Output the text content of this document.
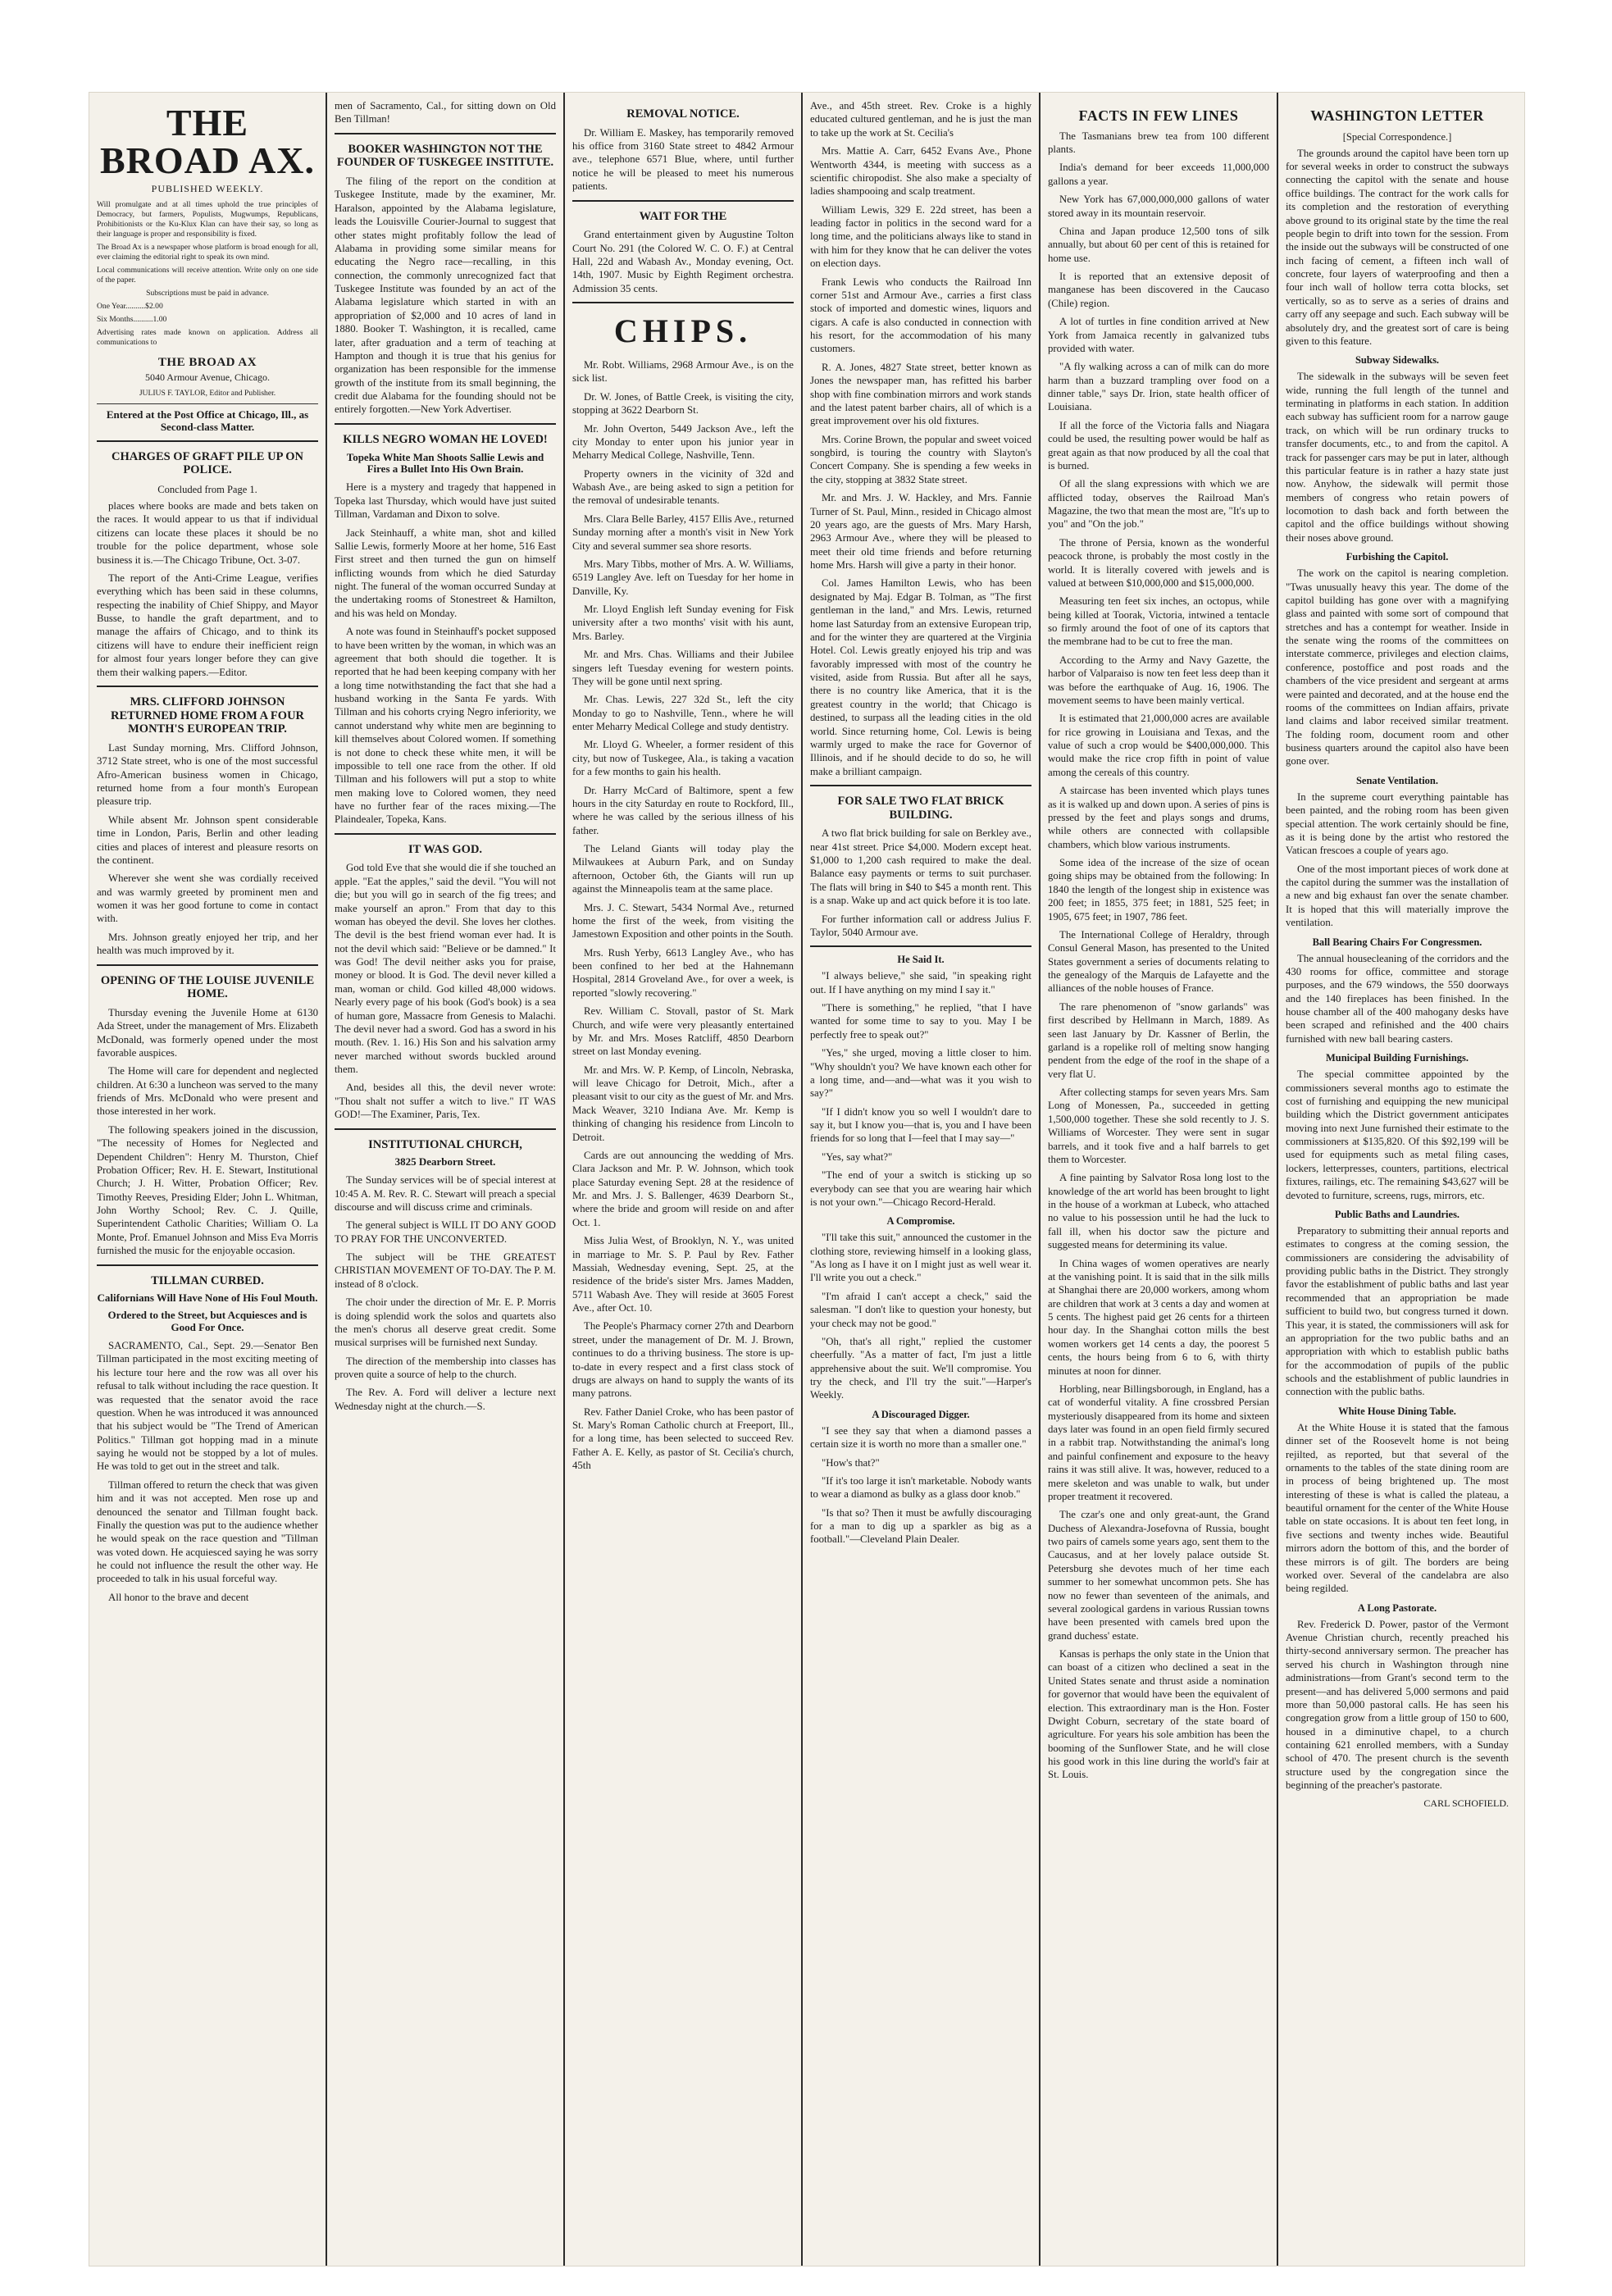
THE BROAD AX.
PUBLISHED WEEKLY.
Will promulgate and at all times uphold the true principles of Democracy, but farmers, Populists, Mugwumps, Republicans, Prohibitionists or the Ku-Klux Klan can have their say, so long as their language is proper and responsibility is fixed.
The Broad Ax is a newspaper whose platform is broad enough for all, ever claiming the editorial right to speak its own mind.
Local communications will receive attention. Write only on one side of the paper.
Subscriptions must be paid in advance.
One Year..........$2.00
Six Months..........1.00
Advertising rates made known on application. Address all communications to
THE BROAD AX
5040 Armour Avenue, Chicago.
JULIUS F. TAYLOR, Editor and Publisher.
Entered at the Post Office at Chicago, Ill., as Second-class Matter.
CHARGES OF GRAFT PILE UP ON POLICE.
Concluded from Page 1.

places where books are made and bets taken on the races. It would appear to us that if individual citizens can locate these places it should be no trouble for the police department, whose sole business it is.—The Chicago Tribune, Oct. 3-07.

The report of the Anti-Crime League, verifies everything which has been said in these columns, respecting the inability of Chief Shippy, and Mayor Busse, to handle the graft department, and to manage the affairs of Chicago, and to think its citizens will have to endure their inefficient reign for almost four years longer before they can give them their walking papers.—Editor.

MRS. CLIFFORD JOHNSON RETURNED HOME FROM A FOUR MONTH'S EUROPEAN TRIP.

Last Sunday morning, Mrs. Clifford Johnson, 3712 State street, who is one of the most successful Afro-American business women in Chicago, returned home from a four month's European pleasure trip.

While absent Mr. Johnson spent considerable time in London, Paris, Berlin and other leading cities and places of interest and pleasure resorts on the continent.

Wherever she went she was cordially received and was warmly greeted by prominent men and women it was her good fortune to come in contact with.

Mrs. Johnson greatly enjoyed her trip, and her health was much improved by it.

OPENING OF THE LOUISE JUVENILE HOME.

Thursday evening the Juvenile Home at 6130 Ada Street, under the management of Mrs. Elizabeth McDonald, was formerly opened under the most favorable auspices.

The Home will care for dependent and neglected children. At 6:30 a luncheon was served to the many friends of Mrs. McDonald who were present and those interested in her work.

The following speakers joined in the discussion, "The necessity of Homes for Neglected and Dependent Children": Henry M. Thurston, Chief Probation Officer; Rev. H. E. Stewart, Institutional Church; J. H. Witter, Probation Officer; Rev. Timothy Reeves, Presiding Elder; John L. Whitman, John Worthy School; Rev. C. J. Quille, Superintendent Catholic Charities; William O. La Monte, Prof. Emanuel Johnson and Miss Eva Morris furnished the music for the enjoyable occasion.

TILLMAN CURBED.
Californians Will Have None of His Foul Mouth.
Ordered to the Street, but Acquiesces and is Good For Once.

SACRAMENTO, Cal., Sept. 29.—Senator Ben Tillman participated in the most exciting meeting of his lecture tour here and the row was all over his refusal to talk without including the race question. It was requested that the senator avoid the race question. When he was introduced it was announced that his subject would be "The Trend of American Politics." Tillman got hopping mad in a minute saying he would not be stopped by a lot of mules. He was told to get out in the street and talk.

Tillman offered to return the check that was given him and it was not accepted. Men rose up and denounced the senator and Tillman fought back. Finally the question was put to the audience whether he would speak on the race question and "Tillman was voted down. He acquiesced saying he was sorry he could not influence the result the other way. He proceeded to talk in his usual forceful way.

All honor to the brave and decent

men of Sacramento, Cal., for sitting down on Old Ben Tillman!

BOOKER WASHINGTON NOT THE FOUNDER OF TUSKEGEE INSTITUTE.

The filing of the report on the condition at Tuskegee Institute, made by the examiner, Mr. Haralson, appointed by the Alabama legislature, leads the Louisville Courier-Journal to suggest that other states might profitably follow the lead of Alabama in providing some similar means for educating the Negro race—recalling, in this connection, the commonly unrecognized fact that Tuskegee Institute was founded by an act of the Alabama legislature which started in with an appropriation of $2,000 and 10 acres of land in 1880. Booker T. Washington, it is recalled, came later, after graduation and a term of teaching at Hampton and though it is true that his genius for organization has been responsible for the immense growth of the institute from its small beginning, the credit due Alabama for the founding should not be entirely forgotten.—New York Advertiser.

KILLS NEGRO WOMAN HE LOVED!
Topeka White Man Shoots Sallie Lewis and Fires a Bullet Into His Own Brain.

Here is a mystery and tragedy that happened in Topeka last Thursday, which would have just suited Tillman, Vardaman and Dixon to solve.

Jack Steinhauff, a white man, shot and killed Sallie Lewis, formerly Moore at her home, 516 East First street and then turned the gun on himself inflicting wounds from which he died Saturday night. The funeral of the woman occurred Sunday at the undertaking rooms of Stonestreet & Hamilton, and his was held on Monday.

A note was found in Steinhauff's pocket supposed to have been written by the woman, in which was an agreement that both should die together. It is reported that he had been keeping company with her a long time notwithstanding the fact that she had a husband working in the Santa Fe yards. With Tillman and his cohorts crying Negro inferiority, we cannot understand why white men are beginning to kill themselves about Colored women. If something is not done to check these white men, it will be impossible to tell one race from the other. If old Tillman and his followers will put a stop to white men making love to Colored women, they need have no further fear of the races mixing.—The Plaindealer, Topeka, Kans.

IT WAS GOD.

God told Eve that she would die if she touched an apple. "Eat the apples," said the devil. "You will not die; but you will go in search of the fig trees; and make yourself an apron." From that day to this woman has obeyed the devil. She loves her clothes. The devil is the best friend woman ever had. It is not the devil which said: "Believe or be damned." It was God! The devil neither asks you for praise, money or blood. It is God. The devil never killed a man, woman or child. God killed 48,000 widows. Nearly every page of his book (God's book) is a sea of human gore, Massacre from Genesis to Malachi. The devil never had a sword. God has a sword in his mouth. (Rev. 1. 16.) His Son and his salvation army never marched without swords buckled around them.

And, besides all this, the devil never wrote: "Thou shalt not suffer a witch to live." IT WAS GOD!—The Examiner, Paris, Tex.

INSTITUTIONAL CHURCH,
3825 Dearborn Street.

The Sunday services will be of special interest at 10:45 A. M. Rev. R. C. Stewart will preach a special discourse and will discuss crime and criminals.

The general subject is WILL IT DO ANY GOOD TO PRAY FOR THE UNCONVERTED.

The subject will be THE GREATEST CHRISTIAN MOVEMENT OF TO-DAY. The P. M. instead of 8 o'clock.

The choir under the direction of Mr. E. P. Morris is doing splendid work the solos and quartets also the men's chorus all deserve great credit. Some musical surprises will be furnished next Sunday.

The direction of the membership into classes has proven quite a source of help to the church.

The Rev. A. Ford will deliver a lecture next Wednesday night at the church.—S.

REMOVAL NOTICE.

Dr. William E. Maskey, has temporarily removed his office from 3160 State street to 4842 Armour ave., telephone 6571 Blue, where, until further notice he will be pleased to meet his numerous patients.

WAIT FOR THE

Grand entertainment given by Augustine Tolton Court No. 291 (the Colored W. C. O. F.) at Central Hall, 22d and Wabash Av., Monday evening, Oct. 14th, 1907. Music by Eighth Regiment orchestra. Admission 35 cents.

CHIPS.

Mr. Robt. Williams, 2968 Armour Ave., is on the sick list.

Dr. W. Jones, of Battle Creek, is visiting the city, stopping at 3622 Dearborn St.

Mr. John Overton, 5449 Jackson Ave., left the city Monday to enter upon his junior year in Meharry Medical College, Nashville, Tenn.

Property owners in the vicinity of 32d and Wabash Ave., are being asked to sign a petition for the removal of undesirable tenants.

Mrs. Clara Belle Barley, 4157 Ellis Ave., returned Sunday morning after a month's visit in New York City and several summer sea shore resorts.

Mrs. Mary Tibbs, mother of Mrs. A. W. Williams, 6519 Langley Ave. left on Tuesday for her home in Danville, Ky.

Mr. Lloyd English left Sunday evening for Fisk university after a two months' visit with his aunt, Mrs. Barley.

Mr. and Mrs. Chas. Williams and their Jubilee singers left Tuesday evening for western points. They will be gone until next spring.

Mr. Chas. Lewis, 227 32d St., left the city Monday to go to Nashville, Tenn., where he will enter Meharry Medical College and study dentistry.

Mr. Lloyd G. Wheeler, a former resident of this city, but now of Tuskegee, Ala., is taking a vacation for a few months to gain his health.

Dr. Harry McCard of Baltimore, spent a few hours in the city Saturday en route to Rockford, Ill., where he was called by the serious illness of his father.

The Leland Giants will today play the Milwaukees at Auburn Park, and on Sunday afternoon, October 6th, the Giants will run up against the Minneapolis team at the same place.

Mrs. J. C. Stewart, 5434 Normal Ave., returned home the first of the week, from visiting the Jamestown Exposition and other points in the South.

Mrs. Rush Yerby, 6613 Langley Ave., who has been confined to her bed at the Hahnemann Hospital, 2814 Groveland Ave., for over a week, is reported "slowly recovering."

Rev. William C. Stovall, pastor of St. Mark Church, and wife were very pleasantly entertained by Mr. and Mrs. Moses Ratcliff, 4850 Dearborn street on last Monday evening.

Mr. and Mrs. W. P. Kemp, of Lincoln, Nebraska, will leave Chicago for Detroit, Mich., after a pleasant visit to our city as the guest of Mr. and Mrs. Mack Weaver, 3210 Indiana Ave. Mr. Kemp is thinking of changing his residence from Lincoln to Detroit.

Cards are out announcing the wedding of Mrs. Clara Jackson and Mr. P. W. Johnson, which took place Saturday evening Sept. 28 at the residence of Mr. and Mrs. J. S. Ballenger, 4639 Dearborn St., where the bride and groom will reside on and after Oct. 1.

Miss Julia West, of Brooklyn, N. Y., was united in marriage to Mr. S. P. Paul by Rev. Father Massiah, Wednesday evening, Sept. 25, at the residence of the bride's sister Mrs. James Madden, 5711 Wabash Ave. They will reside at 3605 Forest Ave., after Oct. 10.

The People's Pharmacy corner 27th and Dearborn street, under the management of Dr. M. J. Brown, continues to do a thriving business. The store is up-to-date in every respect and a first class stock of drugs are always on hand to supply the wants of its many patrons.

Rev. Father Daniel Croke, who has been pastor of St. Mary's Roman Catholic church at Freeport, Ill., for a long time, has been selected to succeed Rev. Father A. E. Kelly, as pastor of St. Cecilia's church, 45th

Ave., and 45th street. Rev. Croke is a highly educated cultured gentleman, and he is just the man to take up the work at St. Cecilia's

Mrs. Mattie A. Carr, 6452 Evans Ave., Phone Wentworth 4344, is meeting with success as a scientific chiropodist. She also make a specialty of ladies shampooing and scalp treatment.

William Lewis, 329 E. 22d street, has been a leading factor in politics in the second ward for a long time, and the politicians always like to stand in with him for they know that he can deliver the votes on election days.

Frank Lewis who conducts the Railroad Inn corner 51st and Armour Ave., carries a first class stock of imported and domestic wines, liquors and cigars. A cafe is also conducted in connection with his resort, for the accommodation of his many customers.

R. A. Jones, 4827 State street, better known as Jones the newspaper man, has refitted his barber shop with fine combination mirrors and work stands and the latest patent barber chairs, all of which is a great improvement over his old fixtures.

Mrs. Corine Brown, the popular and sweet voiced songbird, is touring the country with Slayton's Concert Company. She is spending a few weeks in the city, stopping at 3832 State street.

Mr. and Mrs. J. W. Hackley, and Mrs. Fannie Turner of St. Paul, Minn., resided in Chicago almost 20 years ago, are the guests of Mrs. Mary Harsh, 2963 Armour Ave., where they will be pleased to meet their old time friends and before returning home Mrs. Harsh will give a party in their honor.

Col. James Hamilton Lewis, who has been designated by Maj. Edgar B. Tolman, as "The first gentleman in the land," and Mrs. Lewis, returned home last Saturday from an extensive European trip, and for the winter they are quartered at the Virginia Hotel. Col. Lewis greatly enjoyed his trip and was favorably impressed with most of the country he visited, aside from Russia. But after all he says, there is no country like America, that it is the greatest country in the world; that Chicago is destined, to surpass all the leading cities in the old world. Since returning home, Col. Lewis is being warmly urged to make the race for Governor of Illinois, and if he should decide to do so, he will make a brilliant campaign.

FOR SALE TWO FLAT BRICK BUILDING.

A two flat brick building for sale on Berkley ave., near 41st street. Price $4,000. Modern except heat. $1,000 to 1,200 cash required to make the deal. Balance easy payments or terms to suit purchaser. The flats will bring in $40 to $45 a month rent. This is a snap. Wake up and act quick before it is too late.

For further information call or address Julius F. Taylor, 5040 Armour ave.

He Said It.

"I always believe," she said, "in speaking right out. If I have anything on my mind I say it."

"There is something," he replied, "that I have wanted for some time to say to you. May I be perfectly free to speak out?"

"Yes," she urged, moving a little closer to him. "Why shouldn't you? We have known each other for a long time, and—and—what was it you wish to say?"

"If I didn't know you so well I wouldn't dare to say it, but I know you—that is, you and I have been friends for so long that I—feel that I may say—"

"Yes, say what?"

"The end of your a switch is sticking up so everybody can see that you are wearing hair which is not your own."—Chicago Record-Herald.

A Compromise.

"I'll take this suit," announced the customer in the clothing store, reviewing himself in a looking glass, "As long as I have it on I might just as well wear it. I'll write you out a check."

"I'm afraid I can't accept a check," said the salesman. "I don't like to question your honesty, but your check may not be good."

"Oh, that's all right," replied the customer cheerfully. "As a matter of fact, I'm just a little apprehensive about the suit. We'll compromise. You try the check, and I'll try the suit."—Harper's Weekly.

A Discouraged Digger.

"I see they say that when a diamond passes a certain size it is worth no more than a smaller one."

"How's that?"

"If it's too large it isn't marketable. Nobody wants to wear a diamond as bulky as a glass door knob."

"Is that so? Then it must be awfully discouraging for a man to dig up a sparkler as big as a football."—Cleveland Plain Dealer.

FACTS IN FEW LINES

The Tasmanians brew tea from 100 different plants.

India's demand for beer exceeds 11,000,000 gallons a year.

New York has 67,000,000,000 gallons of water stored away in its mountain reservoir.

China and Japan produce 12,500 tons of silk annually, but about 60 per cent of this is retained for home use.

It is reported that an extensive deposit of manganese has been discovered in the Caucaso (Chile) region.

A lot of turtles in fine condition arrived at New York from Jamaica recently in galvanized tubs provided with water.

"A fly walking across a can of milk can do more harm than a buzzard trampling over food on a dinner table," says Dr. Irion, state health officer of Louisiana.

If all the force of the Victoria falls and Niagara could be used, the resulting power would be half as great again as that now produced by all the coal that is burned.

Of all the slang expressions with which we are afflicted today, observes the Railroad Man's Magazine, the two that mean the most are, "It's up to you" and "On the job."

The throne of Persia, known as the wonderful peacock throne, is probably the most costly in the world. It is literally covered with jewels and is valued at between $10,000,000 and $15,000,000.

Measuring ten feet six inches, an octopus, while being killed at Toorak, Victoria, intwined a tentacle so firmly around the foot of one of its captors that the membrane had to be cut to free the man.

According to the Army and Navy Gazette, the harbor of Valparaiso is now ten feet less deep than it was before the earthquake of Aug. 16, 1906. The movement seems to have been mainly vertical.

It is estimated that 21,000,000 acres are available for rice growing in Louisiana and Texas, and the value of such a crop would be $400,000,000. This would make the rice crop fifth in point of value among the cereals of this country.

A staircase has been invented which plays tunes as it is walked up and down upon. A series of pins is pressed by the feet and plays songs and drums, while others are connected with collapsible chambers, which blow various instruments.

Some idea of the increase of the size of ocean going ships may be obtained from the following: In 1840 the length of the longest ship in existence was 200 feet; in 1855, 375 feet; in 1881, 525 feet; in 1905, 675 feet; in 1907, 786 feet.

The International College of Heraldry, through Consul General Mason, has presented to the United States government a series of documents relating to the genealogy of the Marquis de Lafayette and the alliances of the noble houses of France.

The rare phenomenon of "snow garlands" was first described by Hellmann in March, 1889. As seen last January by Dr. Kassner of Berlin, the garland is a ropelike roll of melting snow hanging pendent from the edge of the roof in the shape of a very flat U.

After collecting stamps for seven years Mrs. Sam Long of Monessen, Pa., succeeded in getting 1,500,000 together. These she sold recently to J. S. Williams of Worcester. They were sent in sugar barrels, and it took five and a half barrels to get them to Worcester.

A fine painting by Salvator Rosa long lost to the knowledge of the art world has been brought to light in the house of a workman at Lubeck, who attached no value to his possession until he had the luck to fall ill, when his doctor saw the picture and suggested means for determining its value.

In China wages of women operatives are nearly at the vanishing point. It is said that in the silk mills at Shanghai there are 20,000 workers, among whom are children that work at 3 cents a day and women at 5 cents. The highest paid get 26 cents for a thirteen hour day. In the Shanghai cotton mills the best women workers get 14 cents a day, the poorest 5 cents, the hours being from 6 to 6, with thirty minutes at noon for dinner.

Horbling, near Billingsborough, in England, has a cat of wonderful vitality. A fine crossbred Persian mysteriously disappeared from its home and sixteen days later was found in an open field firmly secured in a rabbit trap. Notwithstanding the animal's long and painful confinement and exposure to the heavy rains it was still alive. It was, however, reduced to a mere skeleton and was unable to walk, but under proper treatment it recovered.

The czar's one and only great-aunt, the Grand Duchess of Alexandra-Josefovna of Russia, bought two pairs of camels some years ago, sent them to the Caucasus, and at her lovely palace outside St. Petersburg she devotes much of her time each summer to her somewhat uncommon pets. She has now no fewer than seventeen of the animals, and several zoological gardens in various Russian towns have been presented with camels bred upon the grand duchess' estate.

Kansas is perhaps the only state in the Union that can boast of a citizen who declined a seat in the United States senate and thrust aside a nomination for governor that would have been the equivalent of election. This extraordinary man is the Hon. Foster Dwight Coburn, secretary of the state board of agriculture. For years his sole ambition has been the booming of the Sunflower State, and he will close his good work in this line during the world's fair at St. Louis.

WASHINGTON LETTER
[Special Correspondence.]

The grounds around the capitol have been torn up for several weeks in order to construct the subways connecting the capitol with the senate and house office buildings. The contract for the work calls for its completion and the restoration of everything above ground to its original state by the time the real people begin to drift into town for the session. From the inside out the subways will be constructed of one inch facing of cement, a fifteen inch wall of concrete, four layers of waterproofing and then a four inch wall of hollow terra cotta blocks, set vertically, so as to serve as a series of drains and carry off any seepage and such. Each subway will be absolutely dry, and the greatest sort of care is being given to this feature.

Subway Sidewalks.

The sidewalk in the subways will be seven feet wide, running the full length of the tunnel and terminating in platforms in each station. In addition each subway has sufficient room for a narrow gauge track, on which will be run ordinary trucks to transfer documents, etc., to and from the capitol. A track for passenger cars may be put in later, although this particular feature is in rather a hazy state just now. Anyhow, the sidewalk will permit those members of congress who retain powers of locomotion to dash back and forth between the capitol and the office buildings without showing their noses above ground.

Furbishing the Capitol.

The work on the capitol is nearing completion. "Twas unusually heavy this year. The dome of the capitol building has gone over with a magnifying glass and painted with some sort of compound that stretches and has a contempt for weather. Inside in the senate wing the rooms of the committees on interstate commerce, privileges and election claims, conference, postoffice and post roads and the chambers of the vice president and sergeant at arms were painted and decorated, and at the house end the rooms of the committees on Indian affairs, private land claims and labor received similar treatment. The folding room, document room and other business quarters around the capitol also have been gone over.

Senate Ventilation.

In the supreme court everything paintable has been painted, and the robing room has been given special attention. The work certainly should be fine, as it is being done by the artist who restored the Vatican frescoes a couple of years ago.

One of the most important pieces of work done at the capitol during the summer was the installation of a new and big exhaust fan over the senate chamber. It is hoped that this will materially improve the ventilation.

Ball Bearing Chairs For Congressmen.

The annual housecleaning of the corridors and the 430 rooms for office, committee and storage purposes, and the 679 windows, the 550 doorways and the 140 fireplaces has been finished. In the house chamber all of the 400 mahogany desks have been scraped and refinished and the 400 chairs furnished with new ball bearing casters.

Municipal Building Furnishings.

The special committee appointed by the commissioners several months ago to estimate the cost of furnishing and equipping the new municipal building which the District government anticipates moving into next June furnished their estimate to the commissioners at $135,820. Of this $92,199 will be used for equipments such as metal filing cases, lockers, letterpresses, counters, partitions, electrical fixtures, railings, etc. The remaining $43,627 will be devoted to furniture, screens, rugs, mirrors, etc.

Public Baths and Laundries.

Preparatory to submitting their annual reports and estimates to congress at the coming session, the commissioners are considering the advisability of providing public baths in the District. They strongly favor the establishment of public baths and last year recommended that an appropriation be made sufficient to build two, but congress turned it down. This year, it is stated, the commissioners will ask for an appropriation for the two public baths and an appropriation with which to establish public baths for the accommodation of pupils of the public schools and the establishment of public laundries in connection with the public baths.

White House Dining Table.

At the White House it is stated that the famous dinner set of the Roosevelt home is not being rejilted, as reported, but that several of the ornaments to the tables of the state dining room are in process of being brightened up. The most interesting of these is what is called the plateau, a beautiful ornament for the center of the White House table on state occasions. It is about ten feet long, in five sections and twenty inches wide. Beautiful mirrors adorn the bottom of this, and the border of these mirrors is of gilt. The borders are being worked over. Several of the candelabra are also being regilded.

A Long Pastorate.

Rev. Frederick D. Power, pastor of the Vermont Avenue Christian church, recently preached his thirty-second anniversary sermon. The preacher has served his church in Washington through nine administrations—from Grant's second term to the present—and has delivered 5,000 sermons and paid more than 50,000 pastoral calls. He has seen his congregation grow from a little group of 150 to 600, housed in a diminutive chapel, to a church containing 621 enrolled members, with a Sunday school of 470. The present church is the seventh structure used by the congregation since the beginning of the preacher's pastorate.

CARL SCHOFIELD.
